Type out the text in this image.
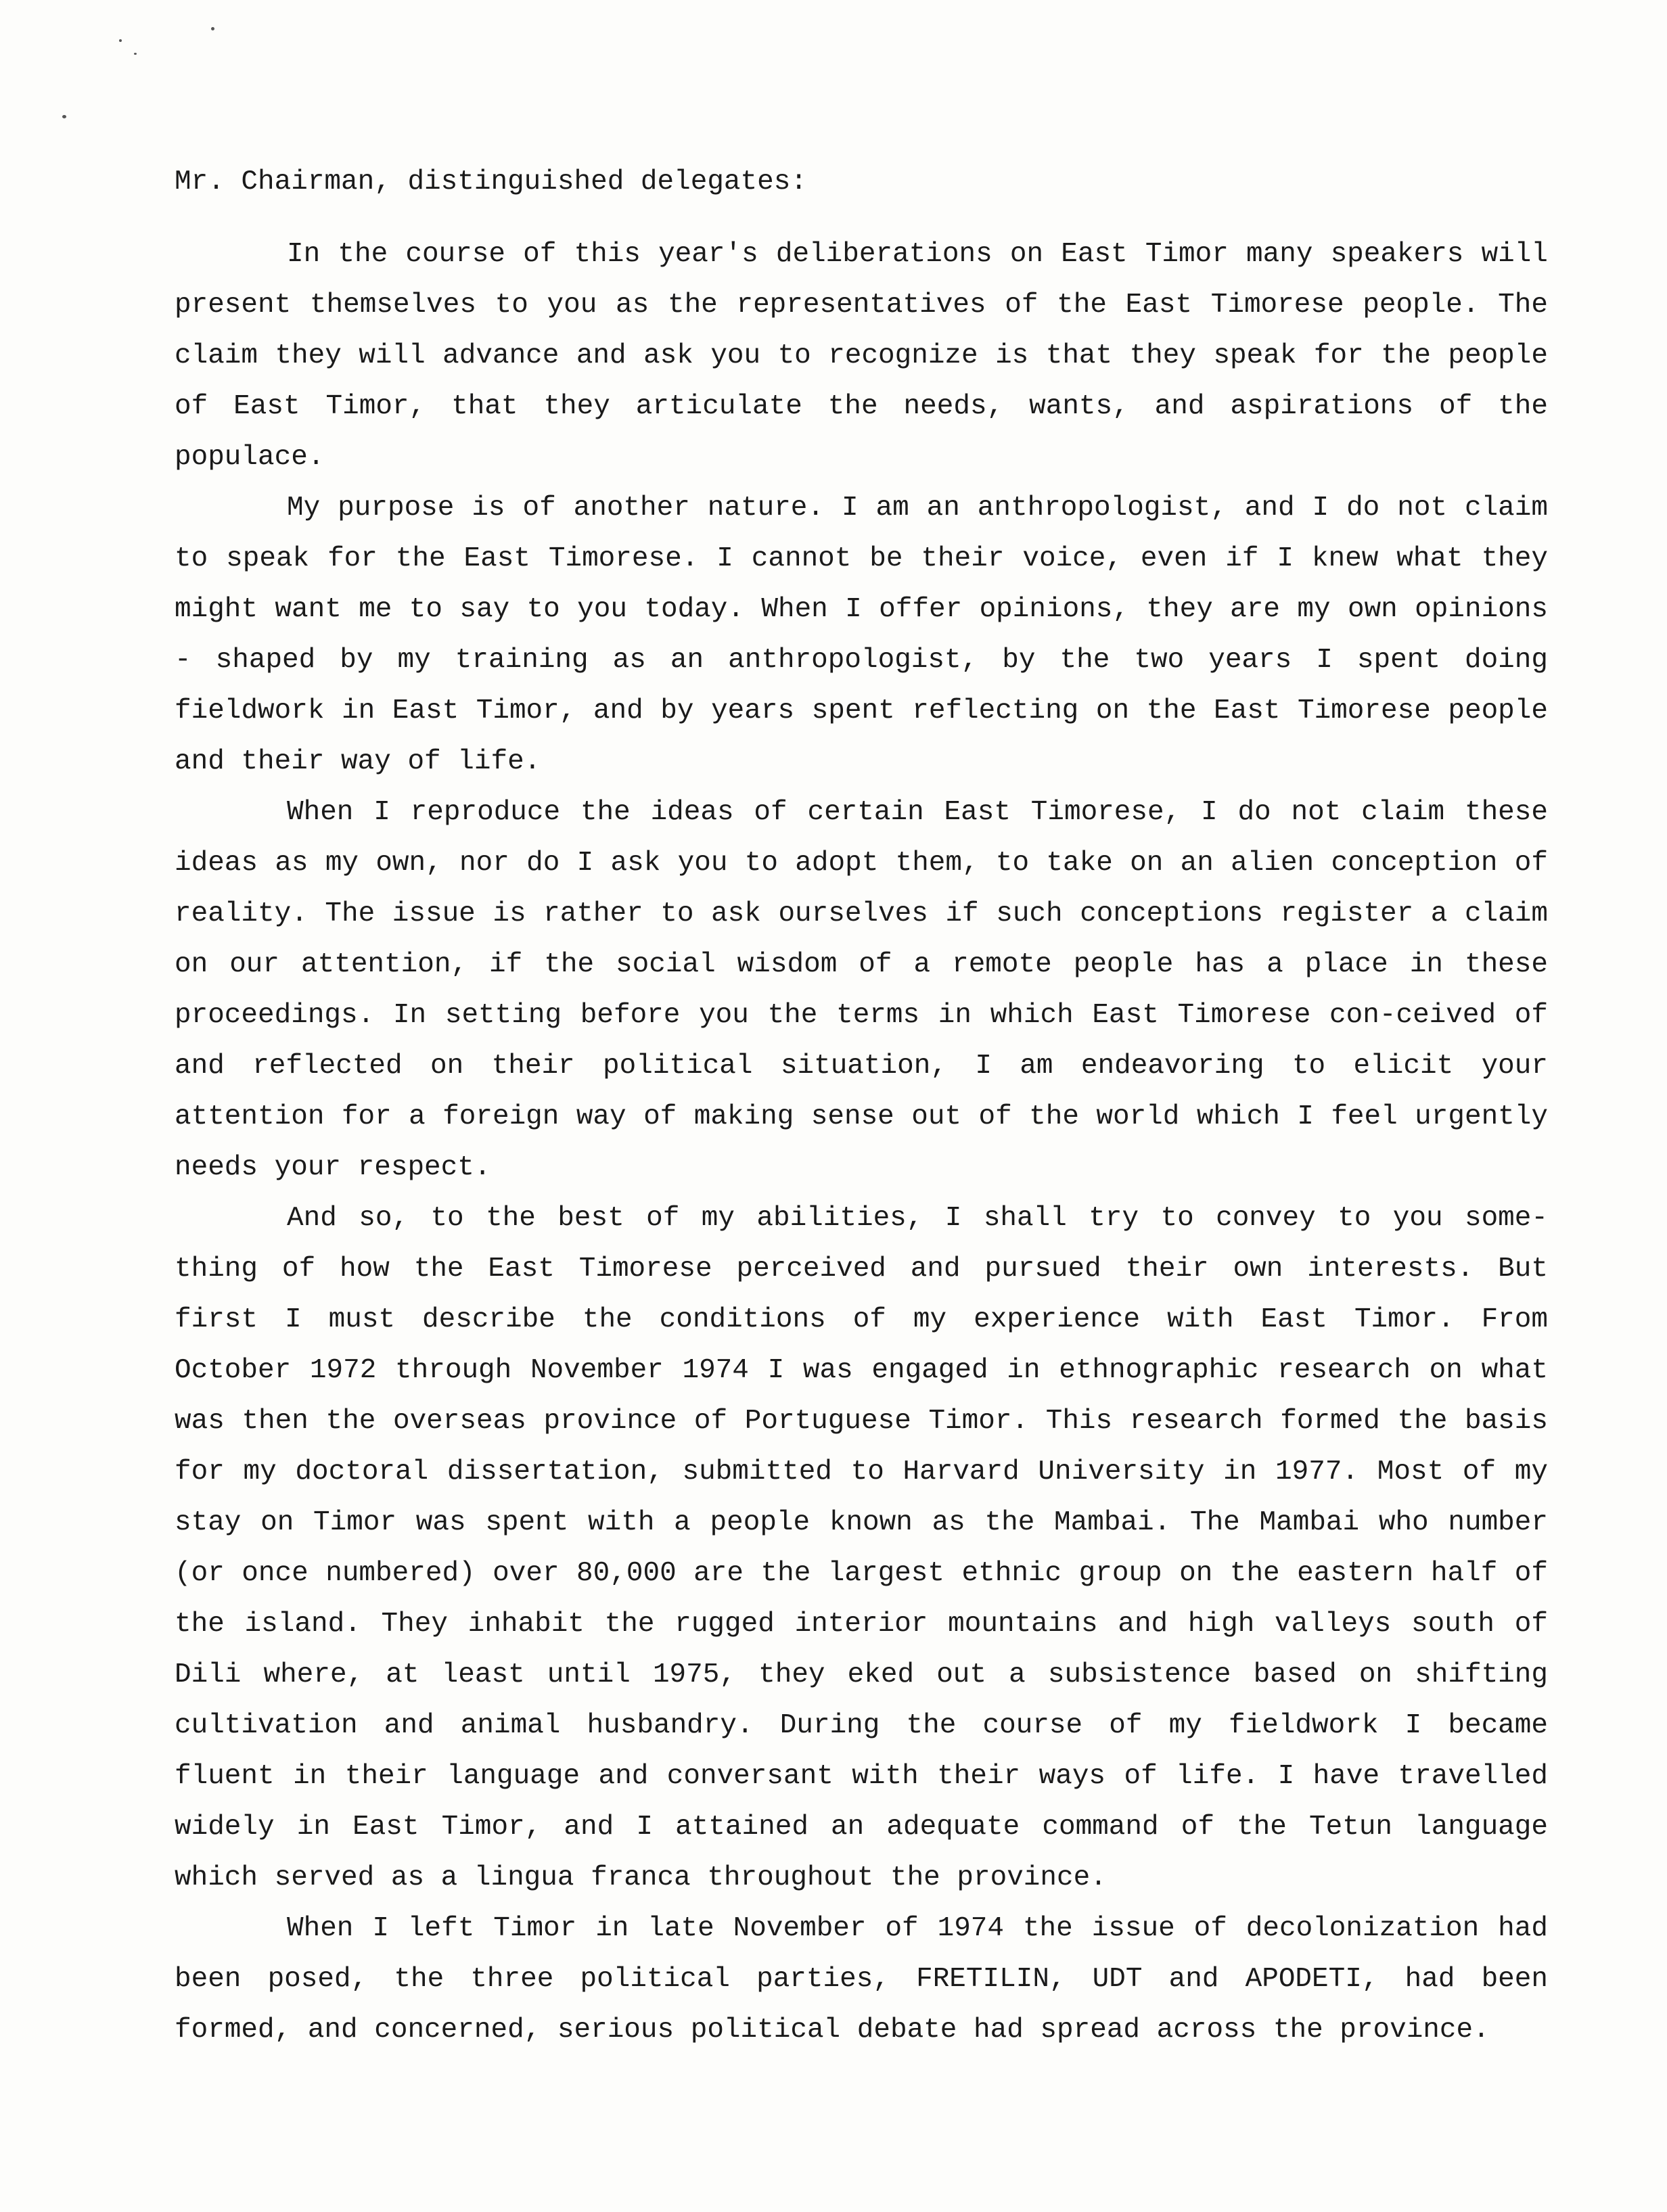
Mr. Chairman, distinguished delegates:

In the course of this year's deliberations on East Timor many speakers will present themselves to you as the representatives of the East Timorese people. The claim they will advance and ask you to recognize is that they speak for the people of East Timor, that they articulate the needs, wants, and aspirations of the populace.

My purpose is of another nature. I am an anthropologist, and I do not claim to speak for the East Timorese. I cannot be their voice, even if I knew what they might want me to say to you today. When I offer opinions, they are my own opinions - shaped by my training as an anthropologist, by the two years I spent doing fieldwork in East Timor, and by years spent reflecting on the East Timorese people and their way of life.

When I reproduce the ideas of certain East Timorese, I do not claim these ideas as my own, nor do I ask you to adopt them, to take on an alien conception of reality. The issue is rather to ask ourselves if such conceptions register a claim on our attention, if the social wisdom of a remote people has a place in these proceedings. In setting before you the terms in which East Timorese con-ceived of and reflected on their political situation, I am endeavoring to elicit your attention for a foreign way of making sense out of the world which I feel urgently needs your respect.

And so, to the best of my abilities, I shall try to convey to you some-thing of how the East Timorese perceived and pursued their own interests. But first I must describe the conditions of my experience with East Timor. From October 1972 through November 1974 I was engaged in ethnographic research on what was then the overseas province of Portuguese Timor. This research formed the basis for my doctoral dissertation, submitted to Harvard University in 1977. Most of my stay on Timor was spent with a people known as the Mambai. The Mambai who number (or once numbered) over 80,000 are the largest ethnic group on the eastern half of the island. They inhabit the rugged interior mountains and high valleys south of Dili where, at least until 1975, they eked out a subsistence based on shifting cultivation and animal husbandry. During the course of my fieldwork I became fluent in their language and conversant with their ways of life. I have travelled widely in East Timor, and I attained an adequate command of the Tetun language which served as a lingua franca throughout the province.

When I left Timor in late November of 1974 the issue of decolonization had been posed, the three political parties, FRETILIN, UDT and APODETI, had been formed, and concerned, serious political debate had spread across the province.
